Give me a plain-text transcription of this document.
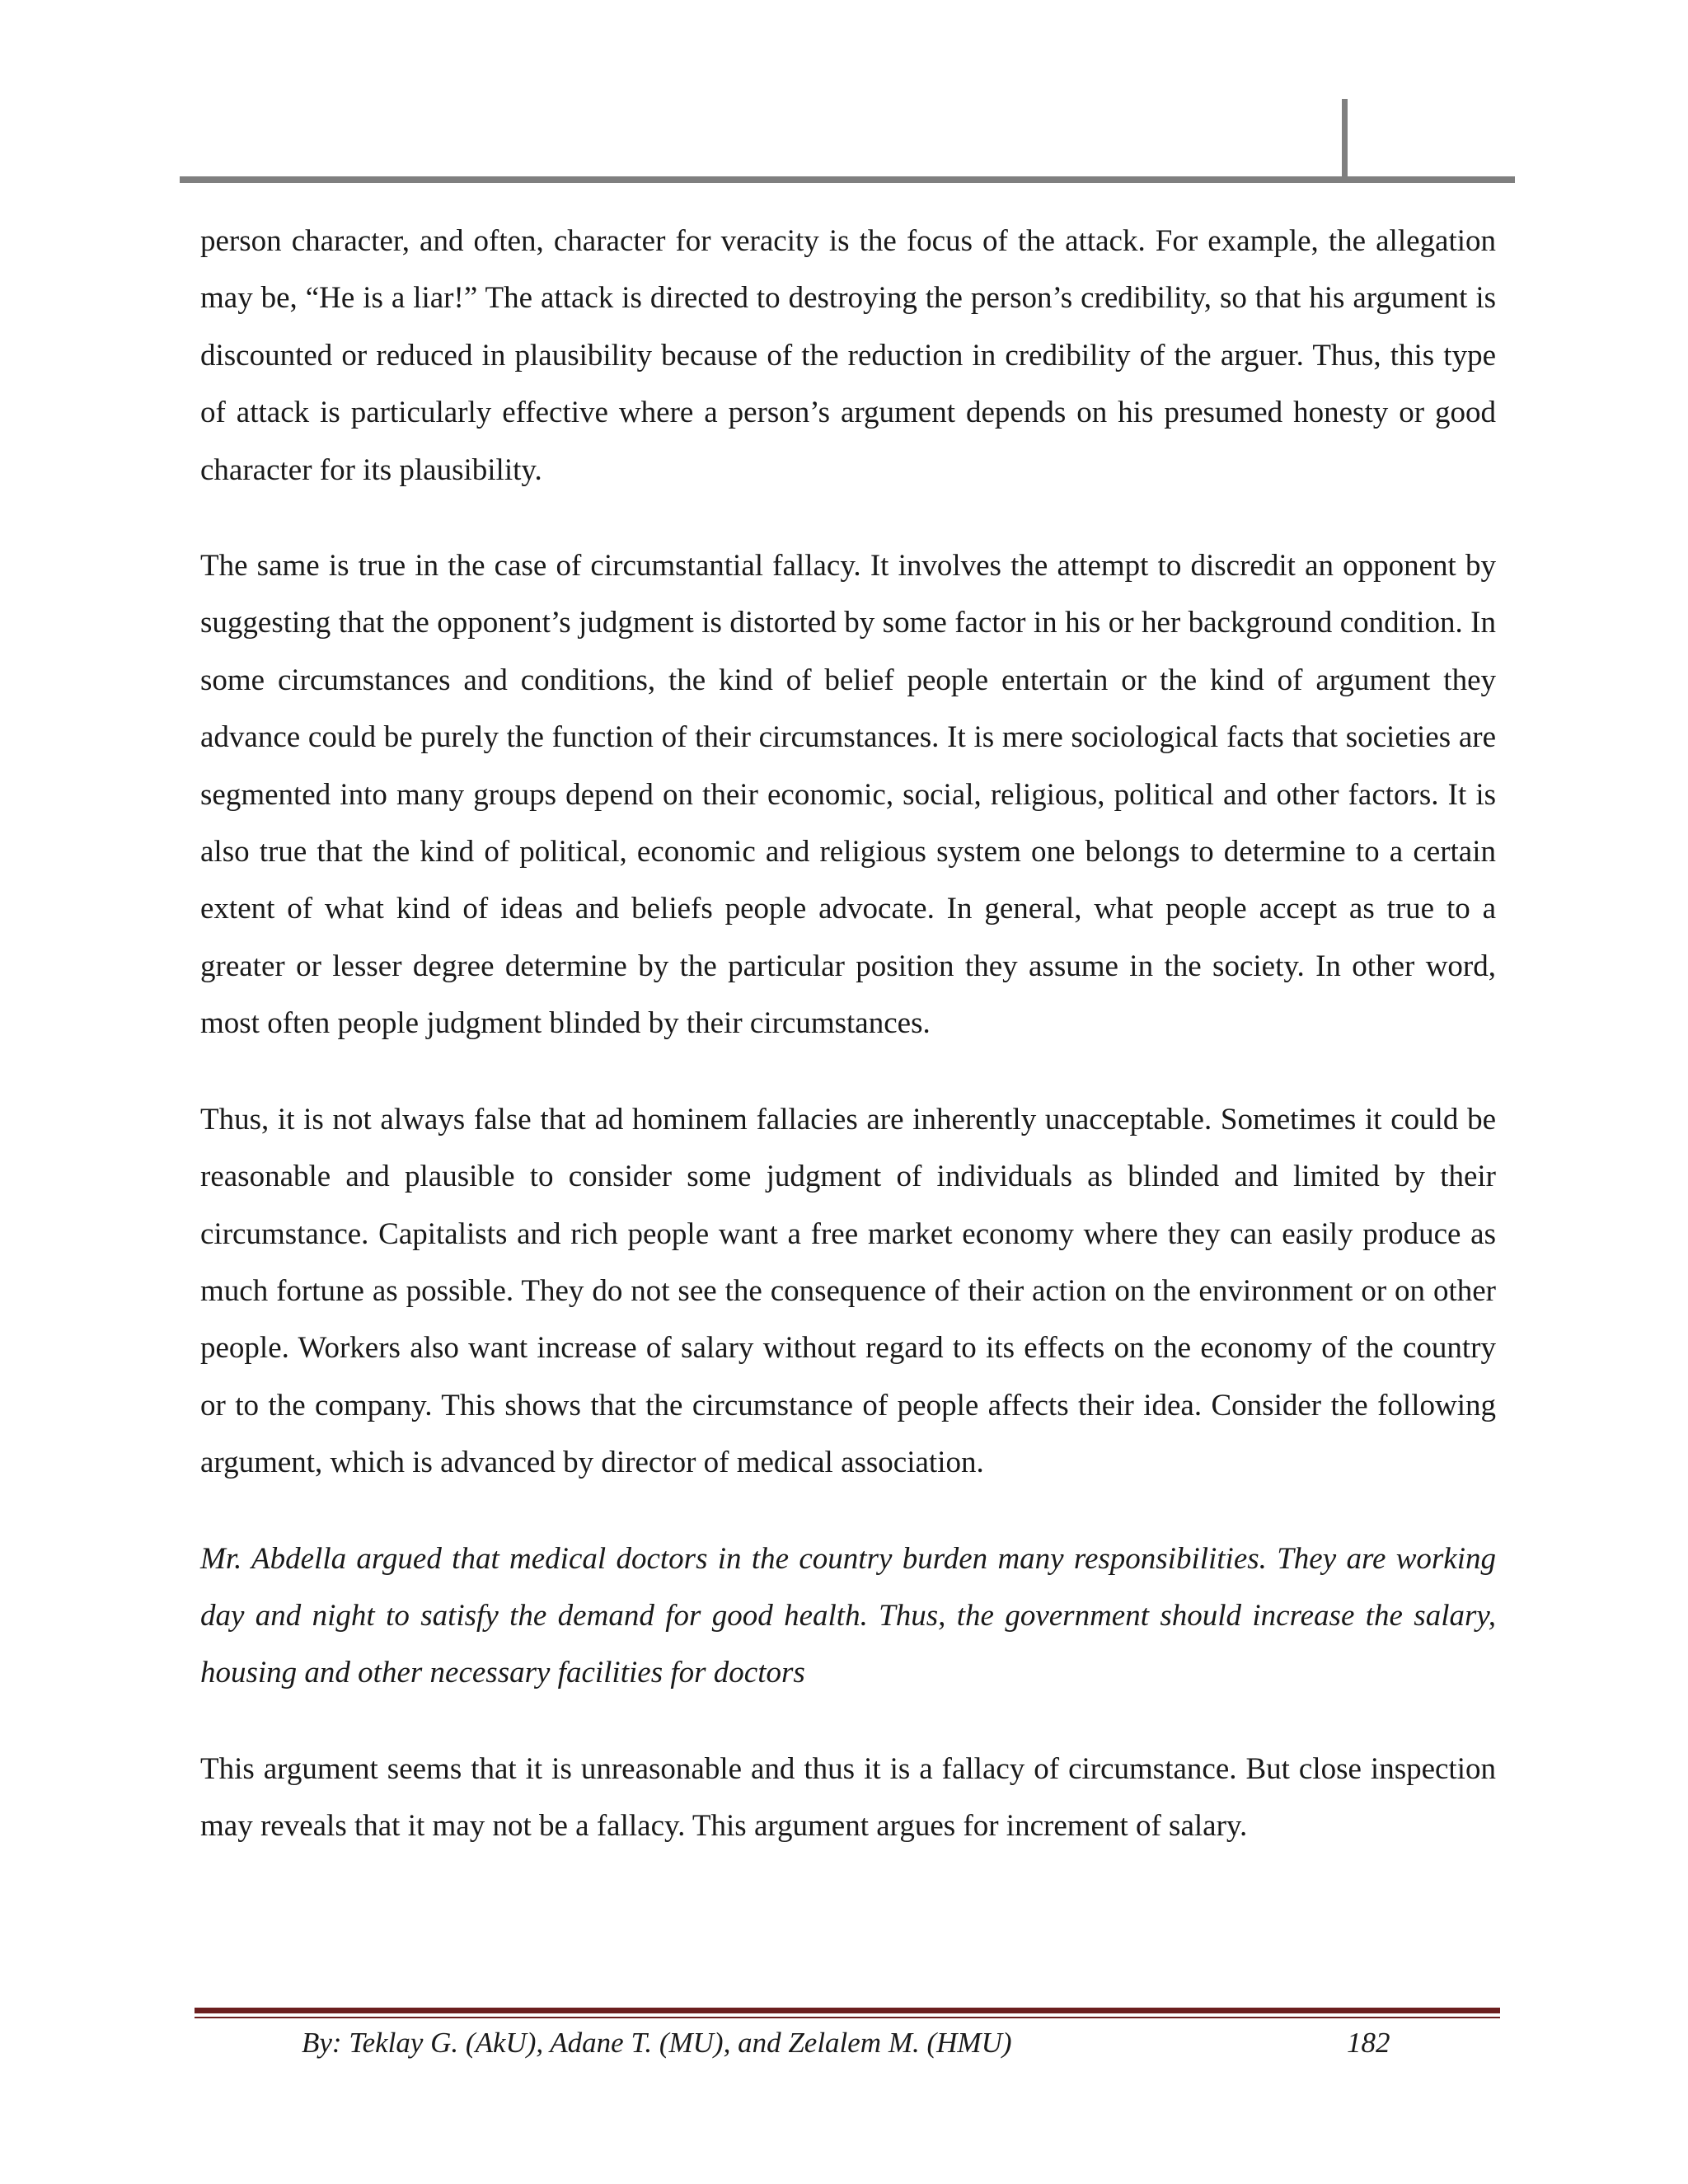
person character, and often, character for veracity is the focus of the attack. For example, the allegation may be, “He is a liar!” The attack is directed to destroying the person’s credibility, so that his argument is discounted or reduced in plausibility because of the reduction in credibility of the arguer. Thus, this type of attack is particularly effective where a person’s argument depends on his presumed honesty or good character for its plausibility.

The same is true in the case of circumstantial fallacy. It involves the attempt to discredit an opponent by suggesting that the opponent’s judgment is distorted by some factor in his or her background condition. In some circumstances and conditions, the kind of belief people entertain or the kind of argument they advance could be purely the function of their circumstances. It is mere sociological facts that societies are segmented into many groups depend on their economic, social, religious, political and other factors. It is also true that the kind of political, economic and religious system one belongs to determine to a certain extent of what kind of ideas and beliefs people advocate. In general, what people accept as true to a greater or lesser degree determine by the particular position they assume in the society. In other word, most often people judgment blinded by their circumstances.

Thus, it is not always false that ad hominem fallacies are inherently unacceptable. Sometimes it could be reasonable and plausible to consider some judgment of individuals as blinded and limited by their circumstance. Capitalists and rich people want a free market economy where they can easily produce as much fortune as possible. They do not see the consequence of their action on the environment or on other people. Workers also want increase of salary without regard to its effects on the economy of the country or to the company. This shows that the circumstance of people affects their idea. Consider the following argument, which is advanced by director of medical association.

Mr. Abdella argued that medical doctors in the country burden many responsibilities. They are working day and night to satisfy the demand for good health. Thus, the government should increase the salary, housing and other necessary facilities for doctors

This argument seems that it is unreasonable and thus it is a fallacy of circumstance. But close inspection may reveals that it may not be a fallacy. This argument argues for increment of salary.

By: Teklay G. (AkU), Adane T. (MU), and Zelalem M. (HMU)	182
